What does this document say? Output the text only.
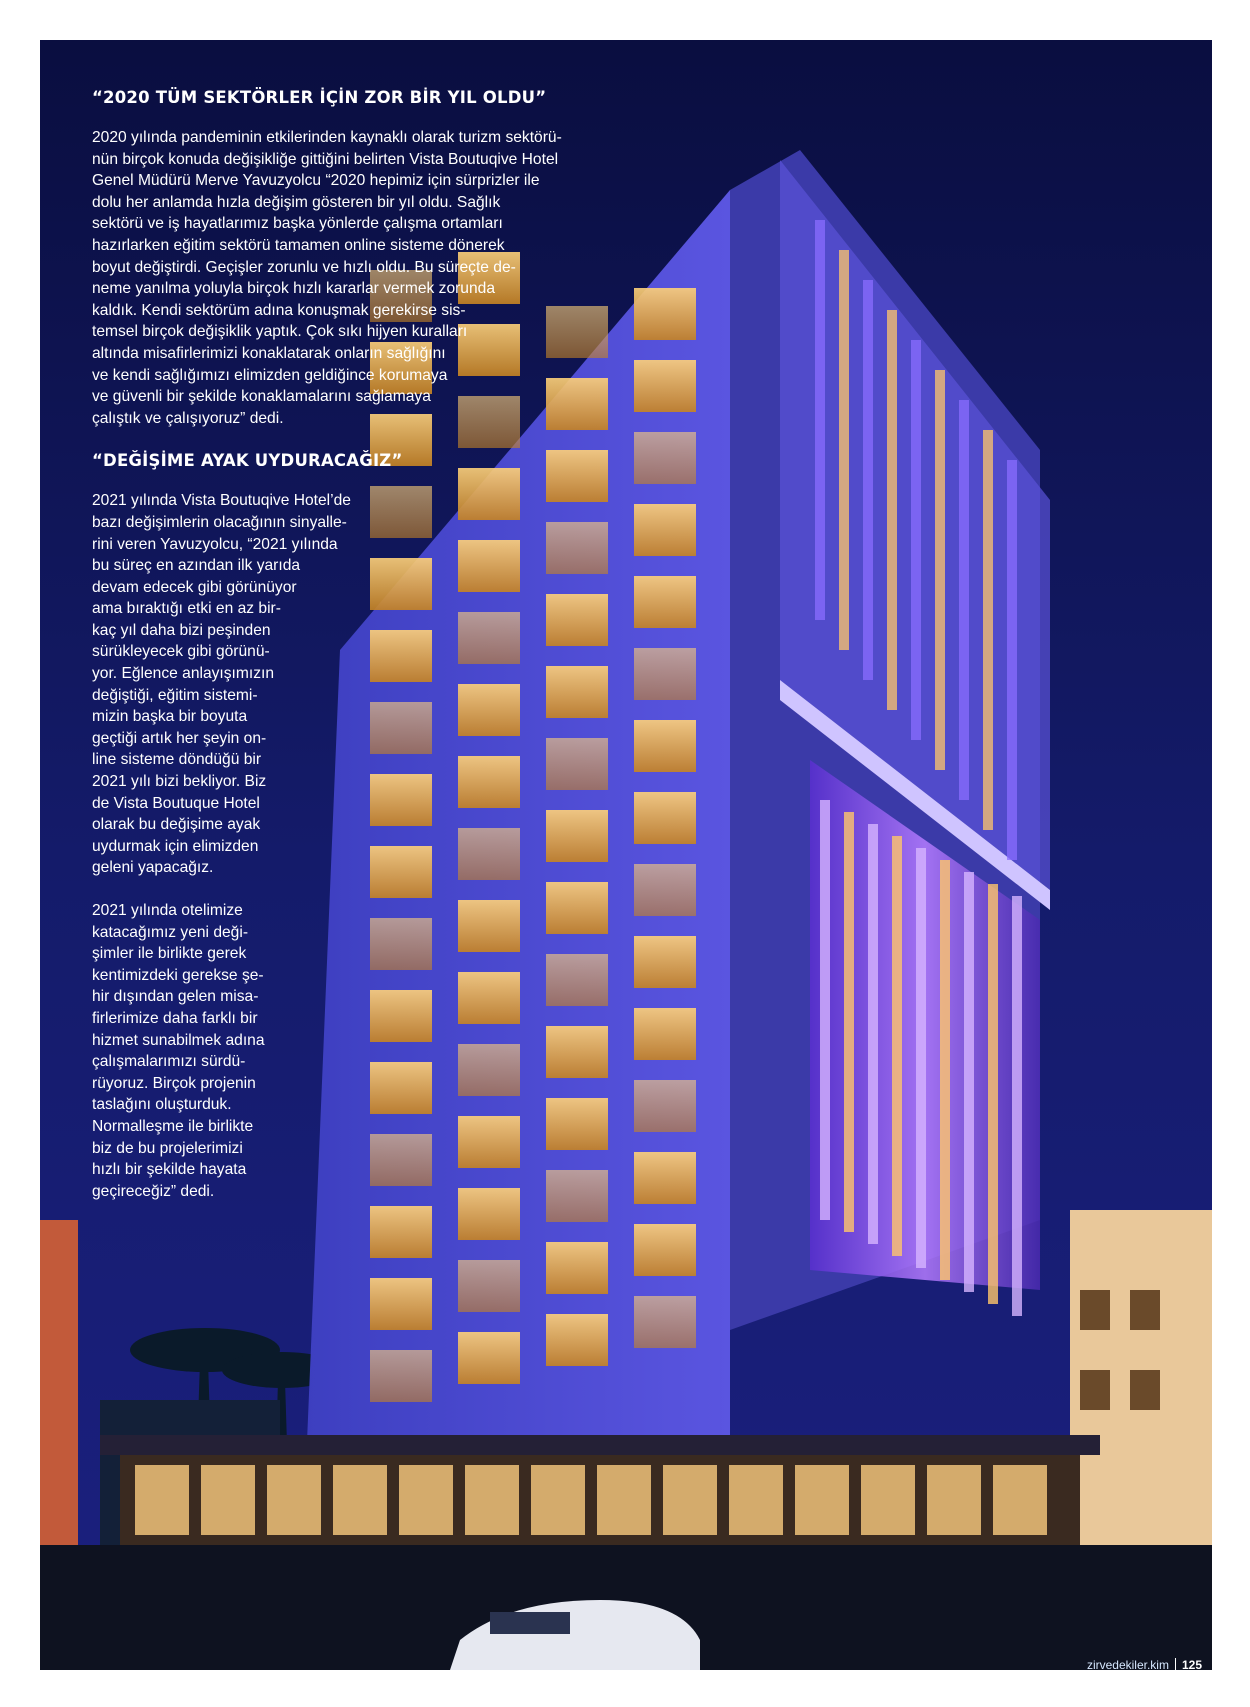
“2020 TÜM SEKTÖRLER İÇİN ZOR BİR YIL OLDU”

2020 yılında pandeminin etkilerinden kaynaklı olarak turizm sektörü-
nün birçok konuda değişikliğe gittiğini belirten Vista Boutuqive Hotel
Genel Müdürü Merve Yavuzyolcu “2020 hepimiz için sürprizler ile
dolu her anlamda hızla değişim gösteren bir yıl oldu. Sağlık
sektörü ve iş hayatlarımız başka yönlerde çalışma ortamları
hazırlarken eğitim sektörü tamamen online sisteme dönerek
boyut değiştirdi. Geçişler zorunlu ve hızlı oldu. Bu süreçte de-
neme yanılma yoluyla birçok hızlı kararlar vermek zorunda
kaldık. Kendi sektörüm adına konuşmak gerekirse sis-
temsel birçok değişiklik yaptık. Çok sıkı hijyen kuralları
altında misafirlerimizi konaklatarak onların sağlığını
ve kendi sağlığımızı elimizden geldiğince korumaya
ve güvenli bir şekilde konaklamalarını sağlamaya
çalıştık ve çalışıyoruz” dedi.

“DEĞİŞİME AYAK UYDURACAĞIZ”

2021 yılında Vista Boutuqive Hotel’de
bazı değişimlerin olacağının sinyalle-
rini veren Yavuzyolcu, “2021 yılında
bu süreç en azından ilk yarıda
devam edecek gibi görünüyor
ama bıraktığı etki en az bir-
kaç yıl daha bizi peşinden
sürükleyecek gibi görünü-
yor. Eğlence anlayışımızın
değiştiği, eğitim sistemi-
mizin başka bir boyuta
geçtiği artık her şeyin on-
line sisteme döndüğü bir
2021 yılı bizi bekliyor. Biz
de Vista Boutuque Hotel
olarak bu değişime ayak
uydurmak için elimizden
geleni yapacağız.

2021 yılında otelimize
katacağımız yeni deği-
şimler ile birlikte gerek
kentimizdeki gerekse şe-
hir dışından gelen misa-
firlerimize daha farklı bir
hizmet sunabilmek adına
çalışmalarımızı sürdü-
rüyoruz. Birçok projenin
taslağını oluşturduk.
Normalleşme ile birlikte
biz de bu projelerimizi
hızlı bir şekilde hayata
geçireceğiz” dedi.

zirvedekiler.kim	125
